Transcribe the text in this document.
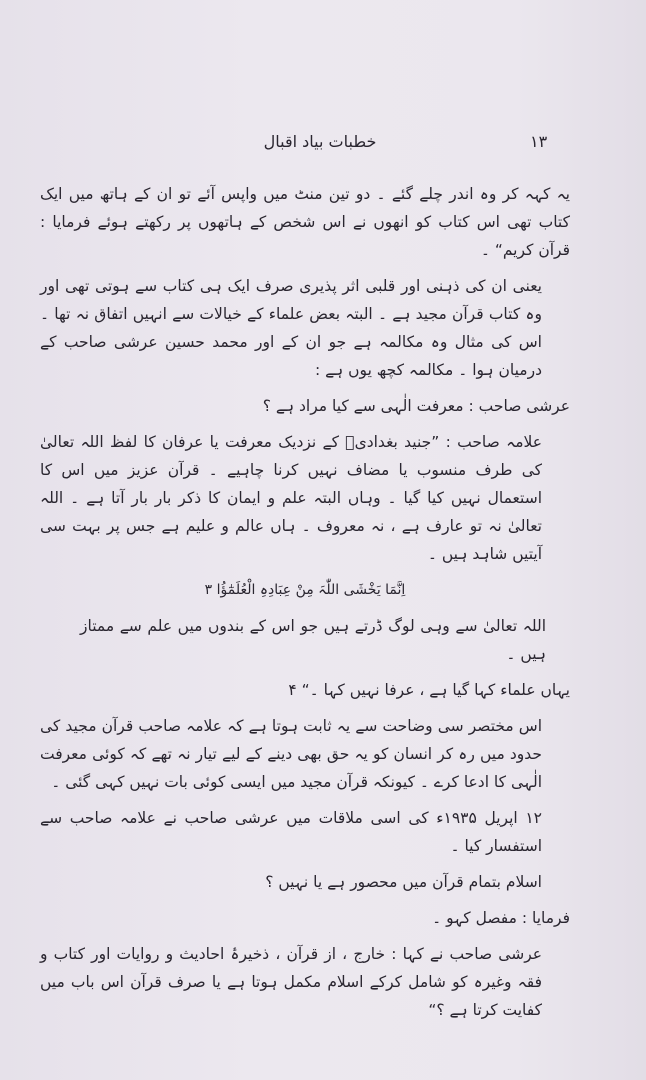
خطبات بیاد اقبال	۱۳

یہ کہہ کر وہ اندر چلے گئے ۔ دو تین منٹ میں واپس آئے تو ان کے ہاتھ میں ایک کتاب تھی اس کتاب کو انھوں نے اس شخص کے ہاتھوں پر رکھتے ہوئے فرمایا : قرآن کریم“ ۔

یعنی ان کی ذہنی اور قلبی اثر پذیری صرف ایک ہی کتاب سے ہوتی تھی اور وہ کتاب قرآن مجید ہے ۔ البتہ بعض علماء کے خیالات سے انہیں اتفاق نہ تھا ۔ اس کی مثال وہ مکالمہ ہے جو ان کے اور محمد حسین عرشی صاحب کے درمیان ہوا ۔ مکالمہ کچھ یوں ہے :

عرشی صاحب : معرفت الٰہی سے کیا مراد ہے ؟

علامہ صاحب : ”جنید بغدادیؒ کے نزدیک معرفت یا عرفان کا لفظ اللہ تعالیٰ کی طرف منسوب یا مضاف نہیں کرنا چاہیے ۔ قرآن عزیز میں اس کا استعمال نہیں کیا گیا ۔ وہاں البتہ علم و ایمان کا ذکر بار بار آتا ہے ۔ اللہ تعالیٰ نہ تو عارف ہے ، نہ معروف ۔ ہاں عالم و علیم ہے جس پر بہت سی آیتیں شاہد ہیں ۔

اِنَّمَا یَخْشَی اللّٰہَ مِنْ عِبَادِہِ الْعُلَمٰٓؤُا ۳

اللہ تعالیٰ سے وہی لوگ ڈرتے ہیں جو اس کے بندوں میں علم سے ممتاز ہیں ۔

یہاں علماء کہا گیا ہے ، عرفا نہیں کہا ۔“ ۴

اس مختصر سی وضاحت سے یہ ثابت ہوتا ہے کہ علامہ صاحب قرآن مجید کی حدود میں رہ کر انسان کو یہ حق بھی دینے کے لیے تیار نہ تھے کہ کوئی معرفت الٰہی کا ادعا کرے ۔ کیونکہ قرآن مجید میں ایسی کوئی بات نہیں کہی گئی ۔

۱۲ اپریل ۱۹۳۵ء کی اسی ملاقات میں عرشی صاحب نے علامہ صاحب سے استفسار کیا ۔

اسلام بتمام قرآن میں محصور ہے یا نہیں ؟

فرمایا : مفصل کہو ۔

عرشی صاحب نے کہا : خارج ، از قرآن ، ذخیرۂ احادیث و روایات اور کتاب و فقہ وغیرہ کو شامل کرکے اسلام مکمل ہوتا ہے یا صرف قرآن اس باب میں کفایت کرتا ہے ؟“
